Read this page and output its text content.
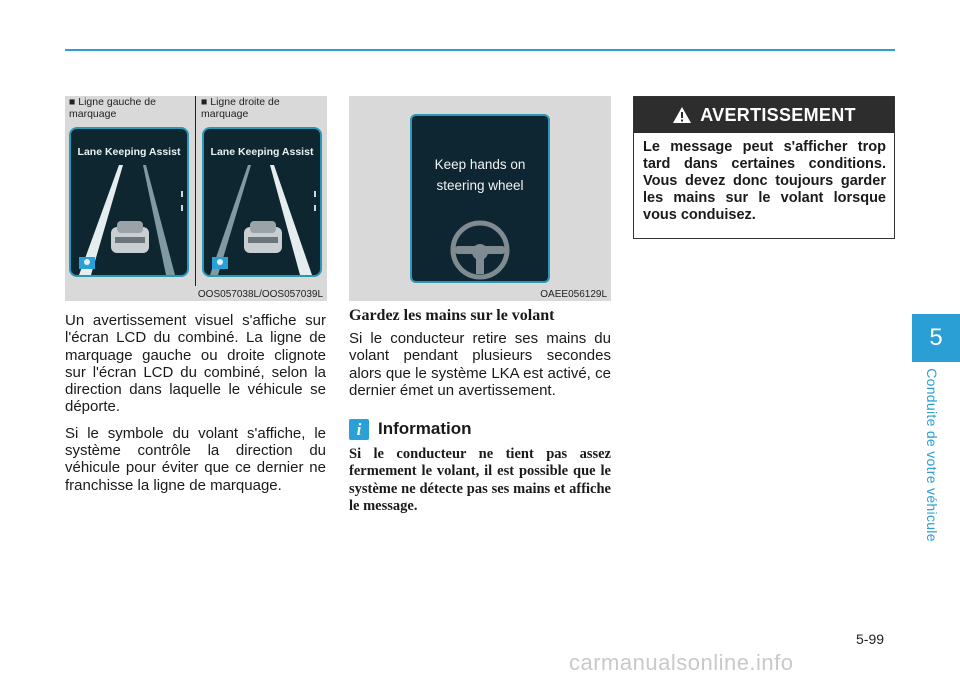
■ Ligne gauche de
marquage
■ Ligne droite de
marquage
Lane Keeping Assist	Lane Keeping Assist
OOS057038L/OOS057039L
Keep hands on
steering wheel
OAEE056129L

Un avertissement visuel s'affiche sur l'écran LCD du combiné. La ligne de marquage gauche ou droite clignote sur l'écran LCD du combiné, selon la direction dans laquelle le véhicule se déporte.

Si le symbole du volant s'affiche, le système contrôle la direction du véhicule pour éviter que ce dernier ne franchisse la ligne de marquage.

Gardez les mains sur le volant

Si le conducteur retire ses mains du volant pendant plusieurs secondes alors que le système LKA est activé, ce dernier émet un avertissement.

i Information
Si le conducteur ne tient pas assez fermement le volant, il est possible que le système ne détecte pas ses mains et affiche le message.
AVERTISSEMENT
Le message peut s'afficher trop tard dans certaines conditions. Vous devez donc toujours garder les mains sur le volant lorsque vous conduisez.
5
Conduite de votre véhicule
5-99
carmanualsonline.info
